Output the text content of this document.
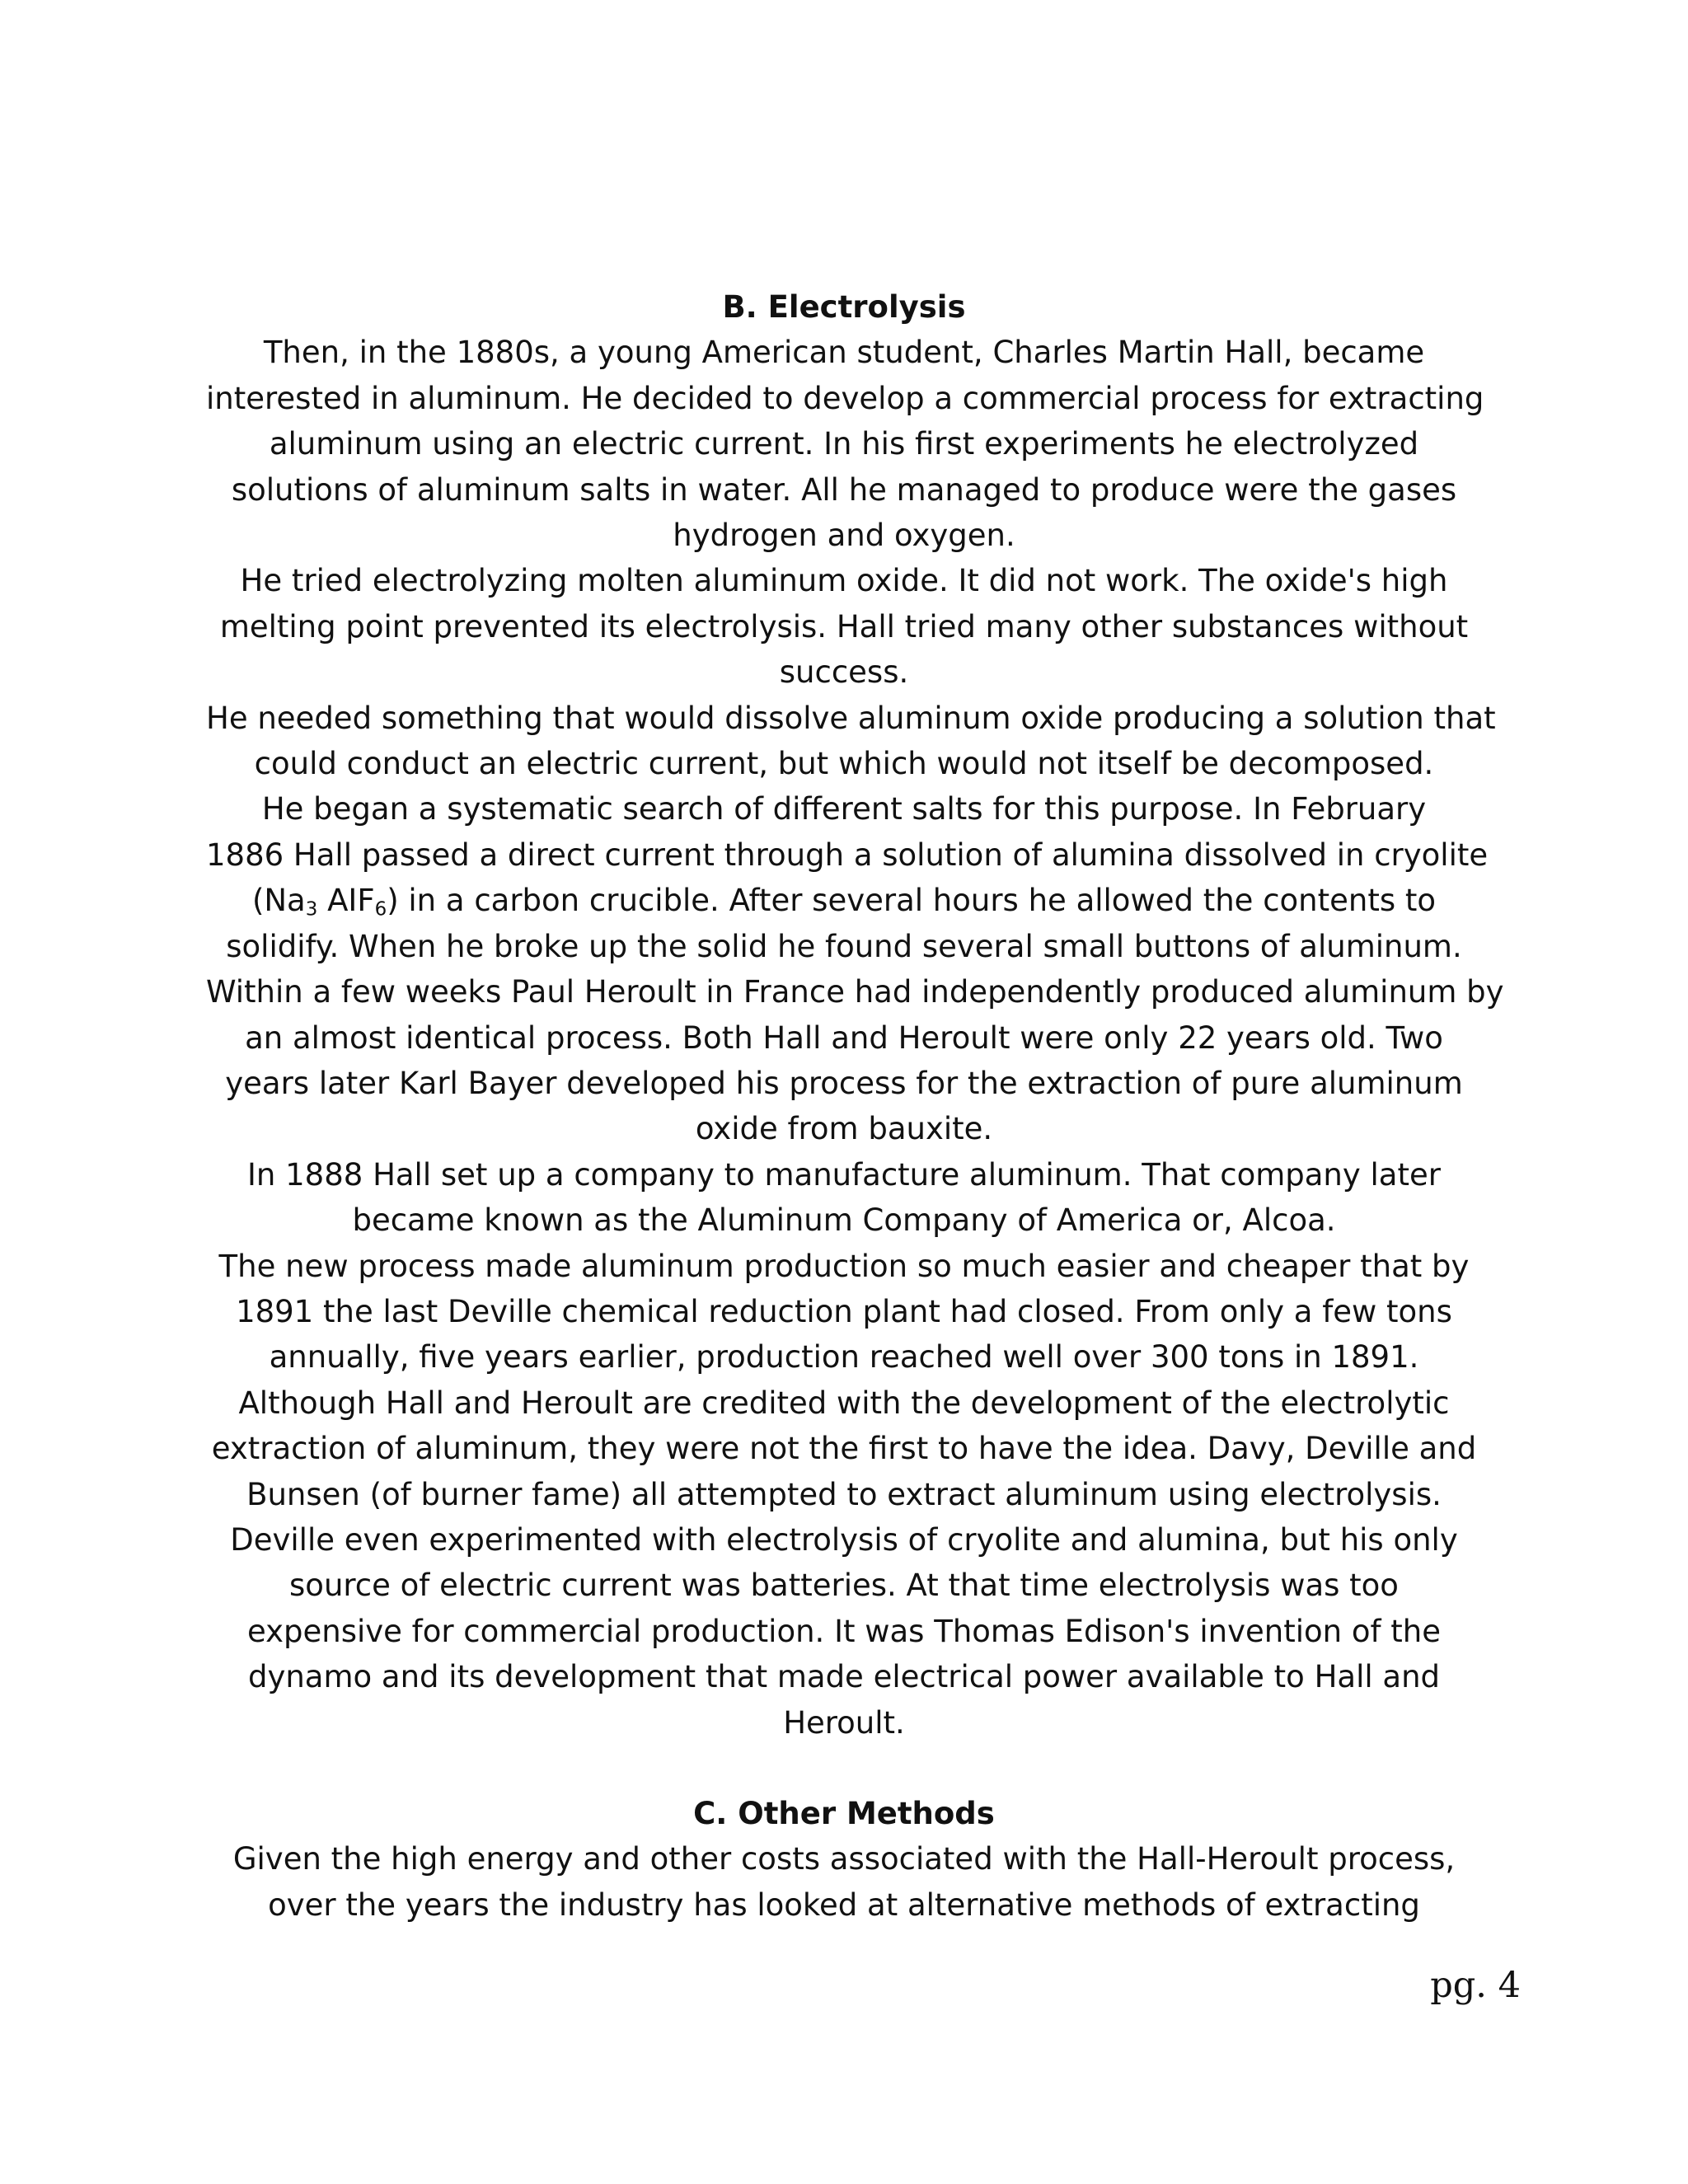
B. Electrolysis

Then, in the 1880s, a young American student, Charles Martin Hall, became

interested in aluminum. He decided to develop a commercial process for extracting

aluminum using an electric current. In his first experiments he electrolyzed

solutions of aluminum salts in water. All he managed to produce were the gases

hydrogen and oxygen.

He tried electrolyzing molten aluminum oxide. It did not work. The oxide's high

melting point prevented its electrolysis. Hall tried many other substances without

success.

He needed something that would dissolve aluminum oxide producing a solution that

could conduct an electric current, but which would not itself be decomposed.

He began a systematic search of different salts for this purpose. In February

1886 Hall passed a direct current through a solution of alumina dissolved in cryolite

($Na_3$ $AIF_6$) in a carbon crucible. After several hours he allowed the contents to

solidify. When he broke up the solid he found several small buttons of aluminum.

Within a few weeks Paul Heroult in France had independently produced aluminum by

an almost identical process. Both Hall and Heroult were only 22 years old. Two

years later Karl Bayer developed his process for the extraction of pure aluminum

oxide from bauxite.

In 1888 Hall set up a company to manufacture aluminum. That company later

became known as the Aluminum Company of America or, Alcoa.

The new process made aluminum production so much easier and cheaper that by

1891 the last Deville chemical reduction plant had closed. From only a few tons

annually, five years earlier, production reached well over 300 tons in 1891.

Although Hall and Heroult are credited with the development of the electrolytic

extraction of aluminum, they were not the first to have the idea. Davy, Deville and

Bunsen (of burner fame) all attempted to extract aluminum using electrolysis.

Deville even experimented with electrolysis of cryolite and alumina, but his only

source of electric current was batteries. At that time electrolysis was too

expensive for commercial production. It was Thomas Edison's invention of the

dynamo and its development that made electrical power available to Hall and

Heroult.

C. Other Methods

Given the high energy and other costs associated with the Hall-Heroult process,

over the years the industry has looked at alternative methods of extracting

pg. 4
